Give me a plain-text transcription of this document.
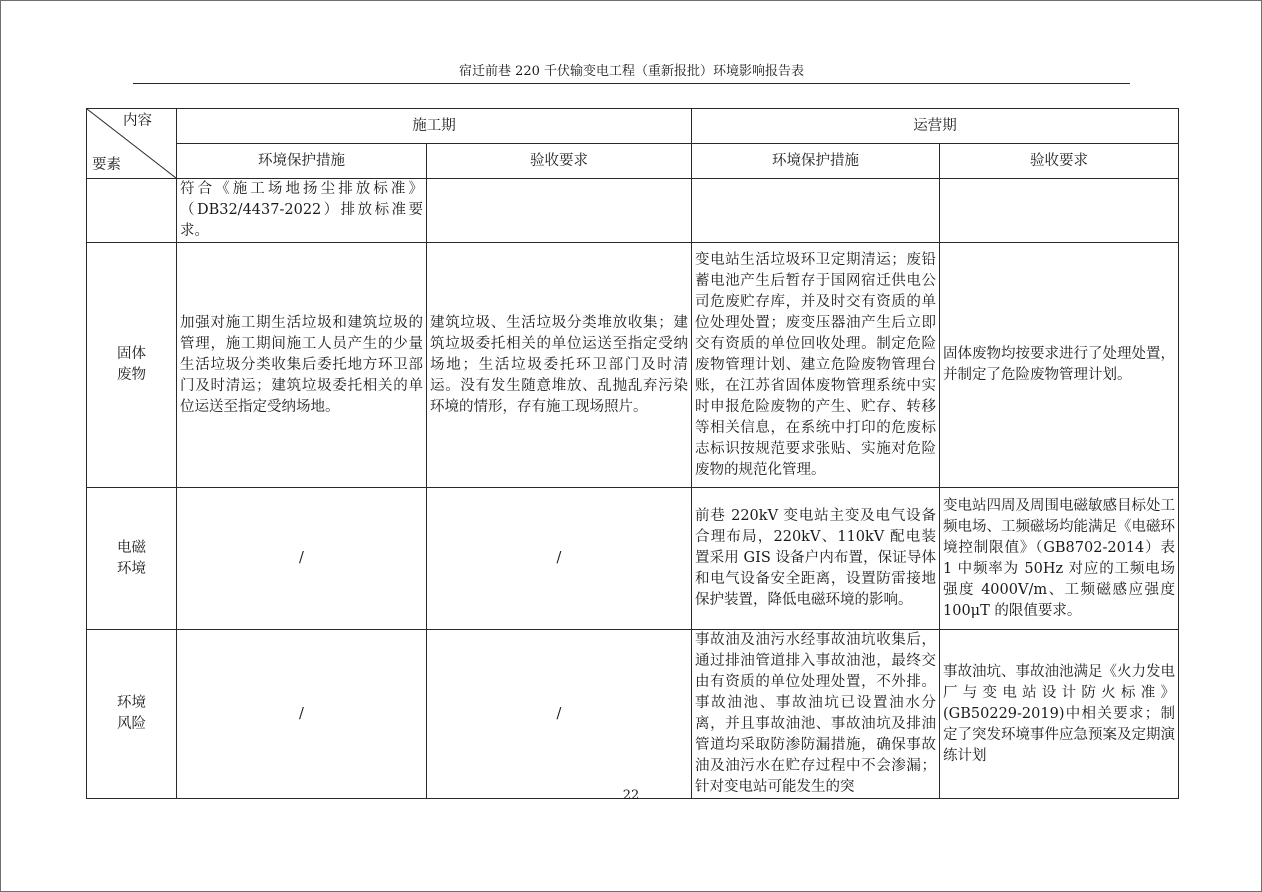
宿迁前巷 220 千伏输变电工程（重新报批）环境影响报告表
内容
要素	施工期		运营期	
	环境保护措施	验收要求	环境保护措施	验收要求
	符合《施工场地扬尘排放标准》（DB32/4437-2022）排放标准要求。			
固体废物	加强对施工期生活垃圾和建筑垃圾的管理，施工期间施工人员产生的少量生活垃圾分类收集后委托地方环卫部门及时清运；建筑垃圾委托相关的单位运送至指定受纳场地。	建筑垃圾、生活垃圾分类堆放收集；建筑垃圾委托相关的单位运送至指定受纳场地；生活垃圾委托环卫部门及时清运。没有发生随意堆放、乱抛乱弃污染环境的情形，存有施工现场照片。	变电站生活垃圾环卫定期清运；废铅蓄电池产生后暂存于国网宿迁供电公司危废贮存库，并及时交有资质的单位处理处置；废变压器油产生后立即交有资质的单位回收处理。制定危险废物管理计划、建立危险废物管理台账，在江苏省固体废物管理系统中实时申报危险废物的产生、贮存、转移等相关信息，在系统中打印的危废标志标识按规范要求张贴、实施对危险废物的规范化管理。	固体废物均按要求进行了处理处置，并制定了危险废物管理计划。
电磁环境	/	/	前巷 220kV 变电站主变及电气设备合理布局，220kV、110kV 配电装置采用 GIS 设备户内布置，保证导体和电气设备安全距离，设置防雷接地保护装置，降低电磁环境的影响。	变电站四周及周围电磁敏感目标处工频电场、工频磁场均能满足《电磁环境控制限值》（GB8702-2014）表 1 中频率为 50Hz 对应的工频电场强度 4000V/m、工频磁感应强度 100μT 的限值要求。
环境风险	/	/	事故油及油污水经事故油坑收集后，通过排油管道排入事故油池，最终交由有资质的单位处理处置，不外排。事故油池、事故油坑已设置油水分离，并且事故油池、事故油坑及排油管道均采取防渗防漏措施，确保事故油及油污水在贮存过程中不会渗漏；针对变电站可能发生的突	事故油坑、事故油池满足《火力发电厂与变电站设计防火标准》(GB50229-2019)中相关要求；制定了突发环境事件应急预案及定期演练计划
22
